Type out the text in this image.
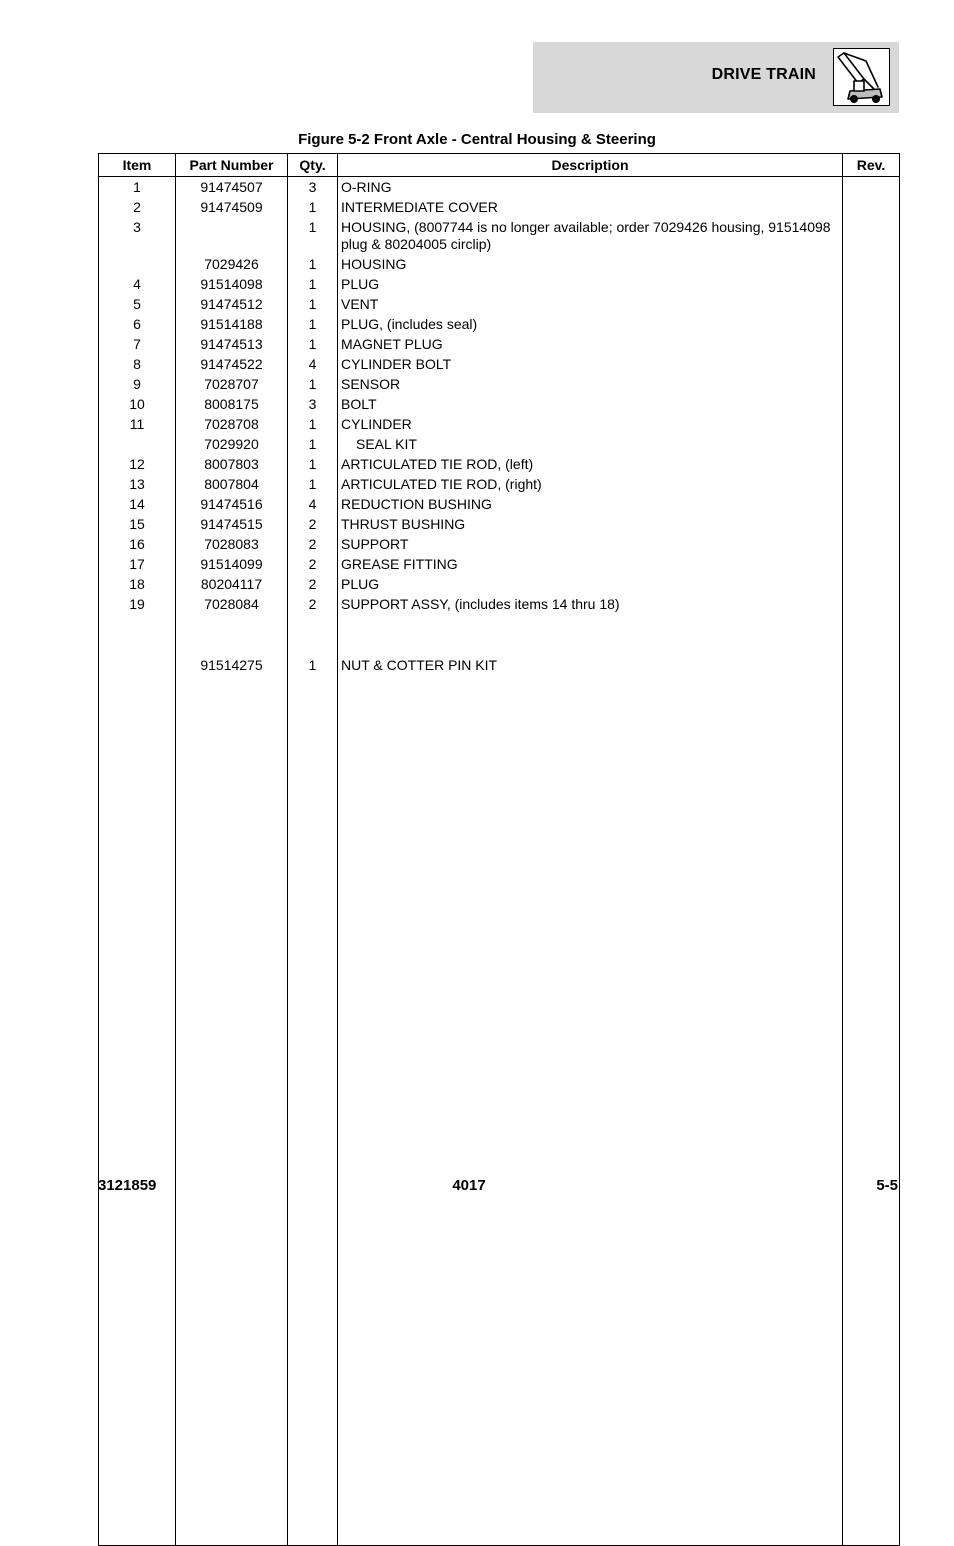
DRIVE TRAIN
Figure 5-2 Front Axle - Central Housing & Steering
Item	Part Number	Qty.	Description	Rev.
1	91474507	3	O-RING	
2	91474509	1	INTERMEDIATE COVER	
3		1	HOUSING, (8007744 is no longer available; order 7029426 housing, 91514098 plug & 80204005 circlip)	
	7029426	1	HOUSING	
4	91514098	1	PLUG	
5	91474512	1	VENT	
6	91514188	1	PLUG, (includes seal)	
7	91474513	1	MAGNET PLUG	
8	91474522	4	CYLINDER BOLT	
9	7028707	1	SENSOR	
10	8008175	3	BOLT	
11	7028708	1	CYLINDER	
	7029920	1	SEAL KIT	
12	8007803	1	ARTICULATED TIE ROD, (left)	
13	8007804	1	ARTICULATED TIE ROD, (right)	
14	91474516	4	REDUCTION BUSHING	
15	91474515	2	THRUST BUSHING	
16	7028083	2	SUPPORT	
17	91514099	2	GREASE FITTING	
18	80204117	2	PLUG	
19	7028084	2	SUPPORT ASSY, (includes items 14 thru 18)	

	91514275	1	NUT & COTTER PIN KIT	

3121859	4017	5-5
